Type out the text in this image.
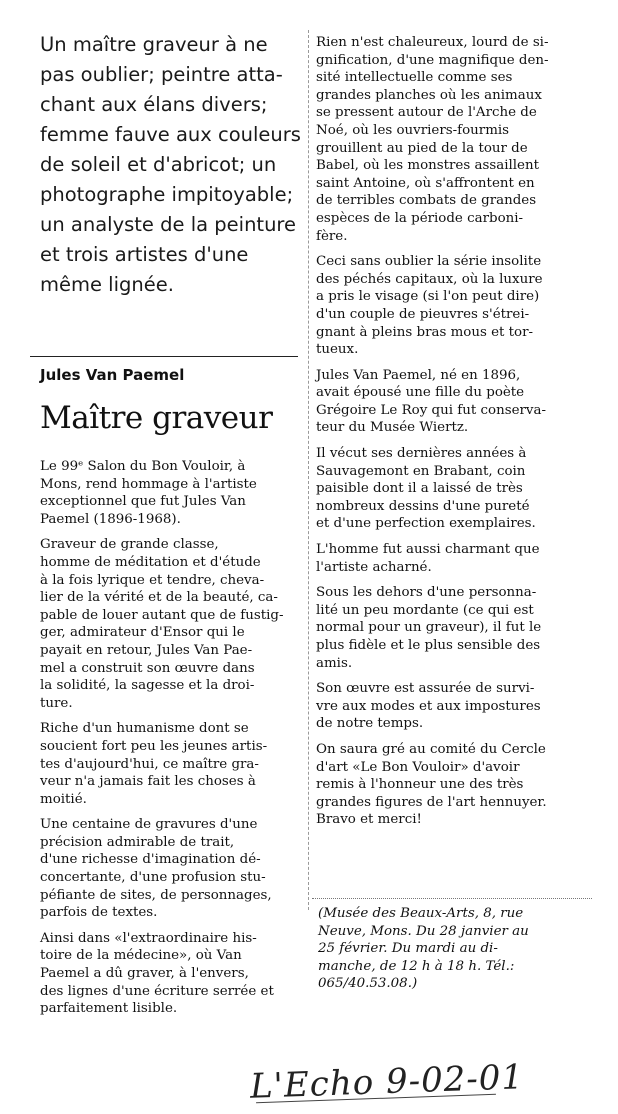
Un maître graveur à ne
pas oublier; peintre atta-
chant aux élans divers;
femme fauve aux couleurs
de soleil et d'abricot; un
photographe impitoyable;
un analyste de la peinture
et trois artistes d'une
même lignée.
Jules Van Paemel
Maître graveur
Le 99ᵉ Salon du Bon Vouloir, à
Mons, rend hommage à l'artiste
exceptionnel que fut Jules Van
Paemel (1896-1968).
Graveur de grande classe,
homme de méditation et d'étude
à la fois lyrique et tendre, cheva-
lier de la vérité et de la beauté, ca-
pable de louer autant que de fustig-
ger, admirateur d'Ensor qui le
payait en retour, Jules Van Pae-
mel a construit son œuvre dans
la solidité, la sagesse et la droi-
ture.
Riche d'un humanisme dont se
soucient fort peu les jeunes artis-
tes d'aujourd'hui, ce maître gra-
veur n'a jamais fait les choses à
moitié.
Une centaine de gravures d'une
précision admirable de trait,
d'une richesse d'imagination dé-
concertante, d'une profusion stu-
péfiante de sites, de personnages,
parfois de textes.
Ainsi dans «l'extraordinaire his-
toire de la médecine», où Van
Paemel a dû graver, à l'envers,
des lignes d'une écriture serrée et
parfaitement lisible.
Rien n'est chaleureux, lourd de si-
gnification, d'une magnifique den-
sité intellectuelle comme ses
grandes planches où les animaux
se pressent autour de l'Arche de
Noé, où les ouvriers-fourmis
grouillent au pied de la tour de
Babel, où les monstres assaillent
saint Antoine, où s'affrontent en
de terribles combats de grandes
espèces de la période carboni-
fère.
Ceci sans oublier la série insolite
des péchés capitaux, où la luxure
a pris le visage (si l'on peut dire)
d'un couple de pieuvres s'étrei-
gnant à pleins bras mous et tor-
tueux.
Jules Van Paemel, né en 1896,
avait épousé une fille du poète
Grégoire Le Roy qui fut conserva-
teur du Musée Wiertz.
Il vécut ses dernières années à
Sauvagemont en Brabant, coin
paisible dont il a laissé de très
nombreux dessins d'une pureté
et d'une perfection exemplaires.
L'homme fut aussi charmant que
l'artiste acharné.
Sous les dehors d'une personna-
lité un peu mordante (ce qui est
normal pour un graveur), il fut le
plus fidèle et le plus sensible des
amis.
Son œuvre est assurée de survi-
vre aux modes et aux impostures
de notre temps.
On saura gré au comité du Cercle
d'art «Le Bon Vouloir» d'avoir
remis à l'honneur une des très
grandes figures de l'art hennuyer.
Bravo et merci!
(Musée des Beaux-Arts, 8, rue
Neuve, Mons. Du 28 janvier au
25 février. Du mardi au di-
manche, de 12 h à 18 h. Tél.:
065/40.53.08.)
L'Echo 9-02-01
